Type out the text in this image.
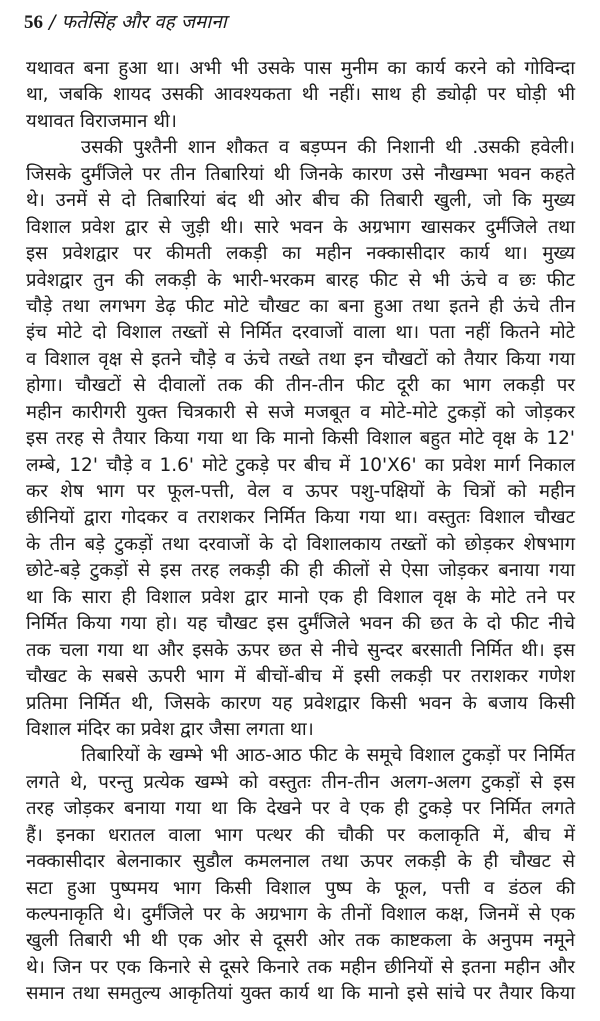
56 / फतेसिंह और वह जमाना
यथावत बना हुआ था। अभी भी उसके पास मुनीम का कार्य करने को गोविन्दा
था, जबकि शायद उसकी आवश्यकता थी नहीं। साथ ही ड्योढ़ी पर घोड़ी भी
यथावत विराजमान थी।
उसकी पुश्तैनी शान शौकत व बड़प्पन की निशानी थी .उसकी हवेली।
जिसके दुर्मंजिले पर तीन तिबारियां थी जिनके कारण उसे नौखम्भा भवन कहते
थे। उनमें से दो तिबारियां बंद थी ओर बीच की तिबारी खुली, जो कि मुख्य
विशाल प्रवेश द्वार से जुड़ी थी। सारे भवन के अग्रभाग खासकर दुर्मंजिले तथा
इस प्रवेशद्वार पर कीमती लकड़ी का महीन नक्कासीदार कार्य था। मुख्य
प्रवेशद्वार तुन की लकड़ी के भारी-भरकम बारह फीट से भी ऊंचे व छः फीट
चौड़े तथा लगभग डेढ़ फीट मोटे चौखट का बना हुआ तथा इतने ही ऊंचे तीन
इंच मोटे दो विशाल तख्तों से निर्मित दरवाजों वाला था। पता नहीं कितने मोटे
व विशाल वृक्ष से इतने चौड़े व ऊंचे तख्ते तथा इन चौखटों को तैयार किया गया
होगा। चौखटों से दीवालों तक की तीन-तीन फीट दूरी का भाग लकड़ी पर
महीन कारीगरी युक्त चित्रकारी से सजे मजबूत व मोटे-मोटे टुकड़ों को जोड़कर
इस तरह से तैयार किया गया था कि मानो किसी विशाल बहुत मोटे वृक्ष के 12'
लम्बे, 12' चौड़े व 1.6' मोटे टुकड़े पर बीच में 10'X6' का प्रवेश मार्ग निकाल
कर शेष भाग पर फूल-पत्ती, वेल व ऊपर पशु-पक्षियों के चित्रों को महीन
छीनियों द्वारा गोदकर व तराशकर निर्मित किया गया था। वस्तुतः विशाल चौखट
के तीन बड़े टुकड़ों तथा दरवाजों के दो विशालकाय तख्तों को छोड़कर शेषभाग
छोटे-बड़े टुकड़ों से इस तरह लकड़ी की ही कीलों से ऐसा जोड़कर बनाया गया
था कि सारा ही विशाल प्रवेश द्वार मानो एक ही विशाल वृक्ष के मोटे तने पर
निर्मित किया गया हो। यह चौखट इस दुर्मंजिले भवन की छत के दो फीट नीचे
तक चला गया था और इसके ऊपर छत से नीचे सुन्दर बरसाती निर्मित थी। इस
चौखट के सबसे ऊपरी भाग में बीचों-बीच में इसी लकड़ी पर तराशकर गणेश
प्रतिमा निर्मित थी, जिसके कारण यह प्रवेशद्वार किसी भवन के बजाय किसी
विशाल मंदिर का प्रवेश द्वार जैसा लगता था।
तिबारियों के खम्भे भी आठ-आठ फीट के समूचे विशाल टुकड़ों पर निर्मित
लगते थे, परन्तु प्रत्येक खम्भे को वस्तुतः तीन-तीन अलग-अलग टुकड़ों से इस
तरह जोड़कर बनाया गया था कि देखने पर वे एक ही टुकड़े पर निर्मित लगते
हैं। इनका धरातल वाला भाग पत्थर की चौकी पर कलाकृति में, बीच में
नक्कासीदार बेलनाकार सुडौल कमलनाल तथा ऊपर लकड़ी के ही चौखट से
सटा हुआ पुष्पमय भाग किसी विशाल पुष्प के फूल, पत्ती व डंठल की
कल्पनाकृति थे। दुर्मंजिले पर के अग्रभाग के तीनों विशाल कक्ष, जिनमें से एक
खुली तिबारी भी थी एक ओर से दूसरी ओर तक काष्टकला के अनुपम नमूने
थे। जिन पर एक किनारे से दूसरे किनारे तक महीन छीनियों से इतना महीन और
समान तथा समतुल्य आकृतियां युक्त कार्य था कि मानो इसे सांचे पर तैयार किया
